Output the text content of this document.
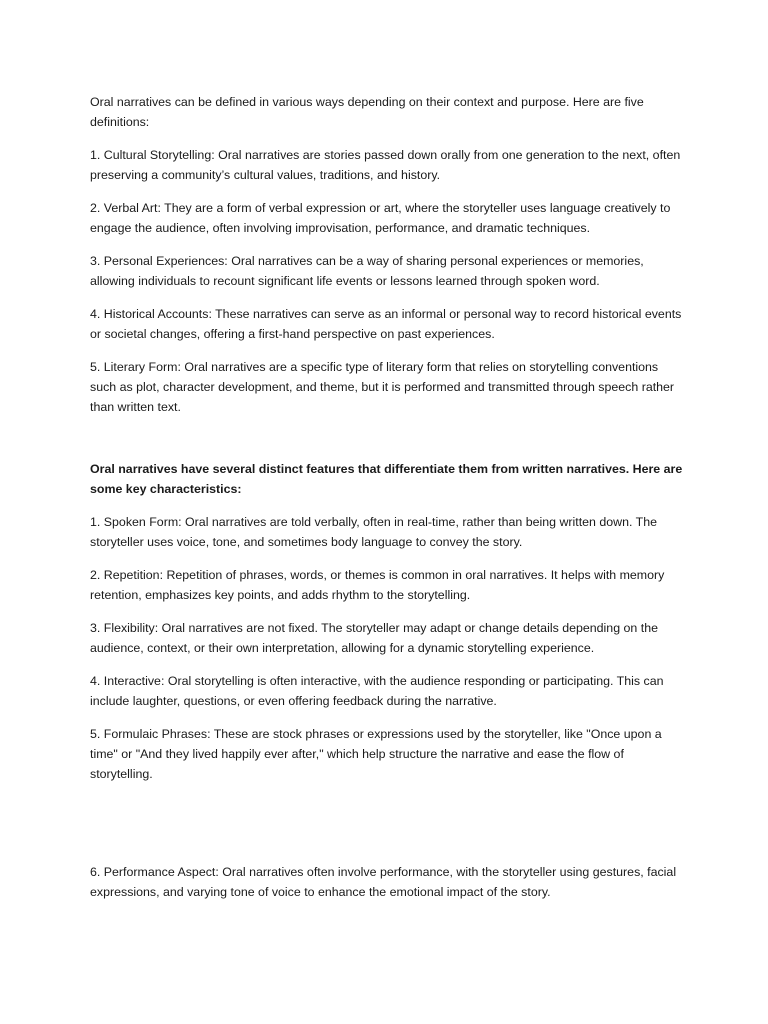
Oral narratives can be defined in various ways depending on their context and purpose. Here are five definitions:

1. Cultural Storytelling: Oral narratives are stories passed down orally from one generation to the next, often preserving a community’s cultural values, traditions, and history.

2. Verbal Art: They are a form of verbal expression or art, where the storyteller uses language creatively to engage the audience, often involving improvisation, performance, and dramatic techniques.

3. Personal Experiences: Oral narratives can be a way of sharing personal experiences or memories, allowing individuals to recount significant life events or lessons learned through spoken word.

4. Historical Accounts: These narratives can serve as an informal or personal way to record historical events or societal changes, offering a first-hand perspective on past experiences.

5. Literary Form: Oral narratives are a specific type of literary form that relies on storytelling conventions such as plot, character development, and theme, but it is performed and transmitted through speech rather than written text.

Oral narratives have several distinct features that differentiate them from written narratives. Here are some key characteristics:

1. Spoken Form: Oral narratives are told verbally, often in real-time, rather than being written down. The storyteller uses voice, tone, and sometimes body language to convey the story.

2. Repetition: Repetition of phrases, words, or themes is common in oral narratives. It helps with memory retention, emphasizes key points, and adds rhythm to the storytelling.

3. Flexibility: Oral narratives are not fixed. The storyteller may adapt or change details depending on the audience, context, or their own interpretation, allowing for a dynamic storytelling experience.

4. Interactive: Oral storytelling is often interactive, with the audience responding or participating. This can include laughter, questions, or even offering feedback during the narrative.

5. Formulaic Phrases: These are stock phrases or expressions used by the storyteller, like "Once upon a time" or "And they lived happily ever after," which help structure the narrative and ease the flow of storytelling.

6. Performance Aspect: Oral narratives often involve performance, with the storyteller using gestures, facial expressions, and varying tone of voice to enhance the emotional impact of the story.
